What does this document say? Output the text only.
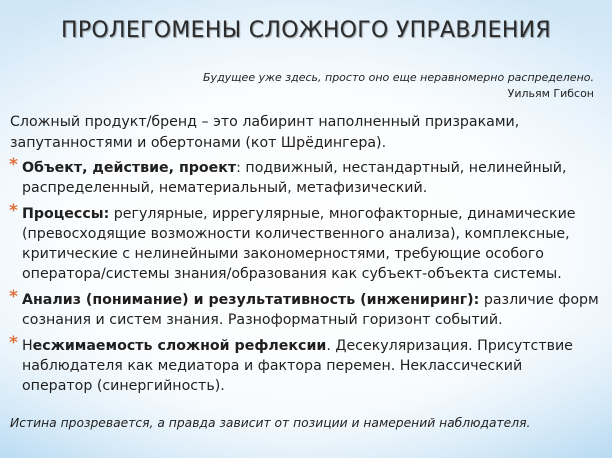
ПРОЛЕГОМЕНЫ СЛОЖНОГО УПРАВЛЕНИЯ
Будущее уже здесь, просто оно еще неравномерно распределено.
Уильям Гибсон
Сложный продукт/бренд – это лабиринт наполненный призраками,
запутанностями и обертонами (кот Шрёдингера).
* Объект, действие, проект: подвижный, нестандартный, нелинейный,
распределенный, нематериальный, метафизический.
* Процессы: регулярные, иррегулярные, многофакторные, динамические
(превосходящие возможности количественного анализа), комплексные,
критические с нелинейными закономерностями, требующие особого
оператора/системы знания/образования как субъект-объекта системы.
* Анализ (понимание) и результативность (инжениринг): различие форм
сознания и систем знания. Разноформатный горизонт событий.
* Несжимаемость сложной рефлексии. Десекуляризация. Присутствие
наблюдателя как медиатора и фактора перемен. Неклассический
оператор (синергийность).
Истина прозревается, а правда зависит от позиции и намерений наблюдателя.
